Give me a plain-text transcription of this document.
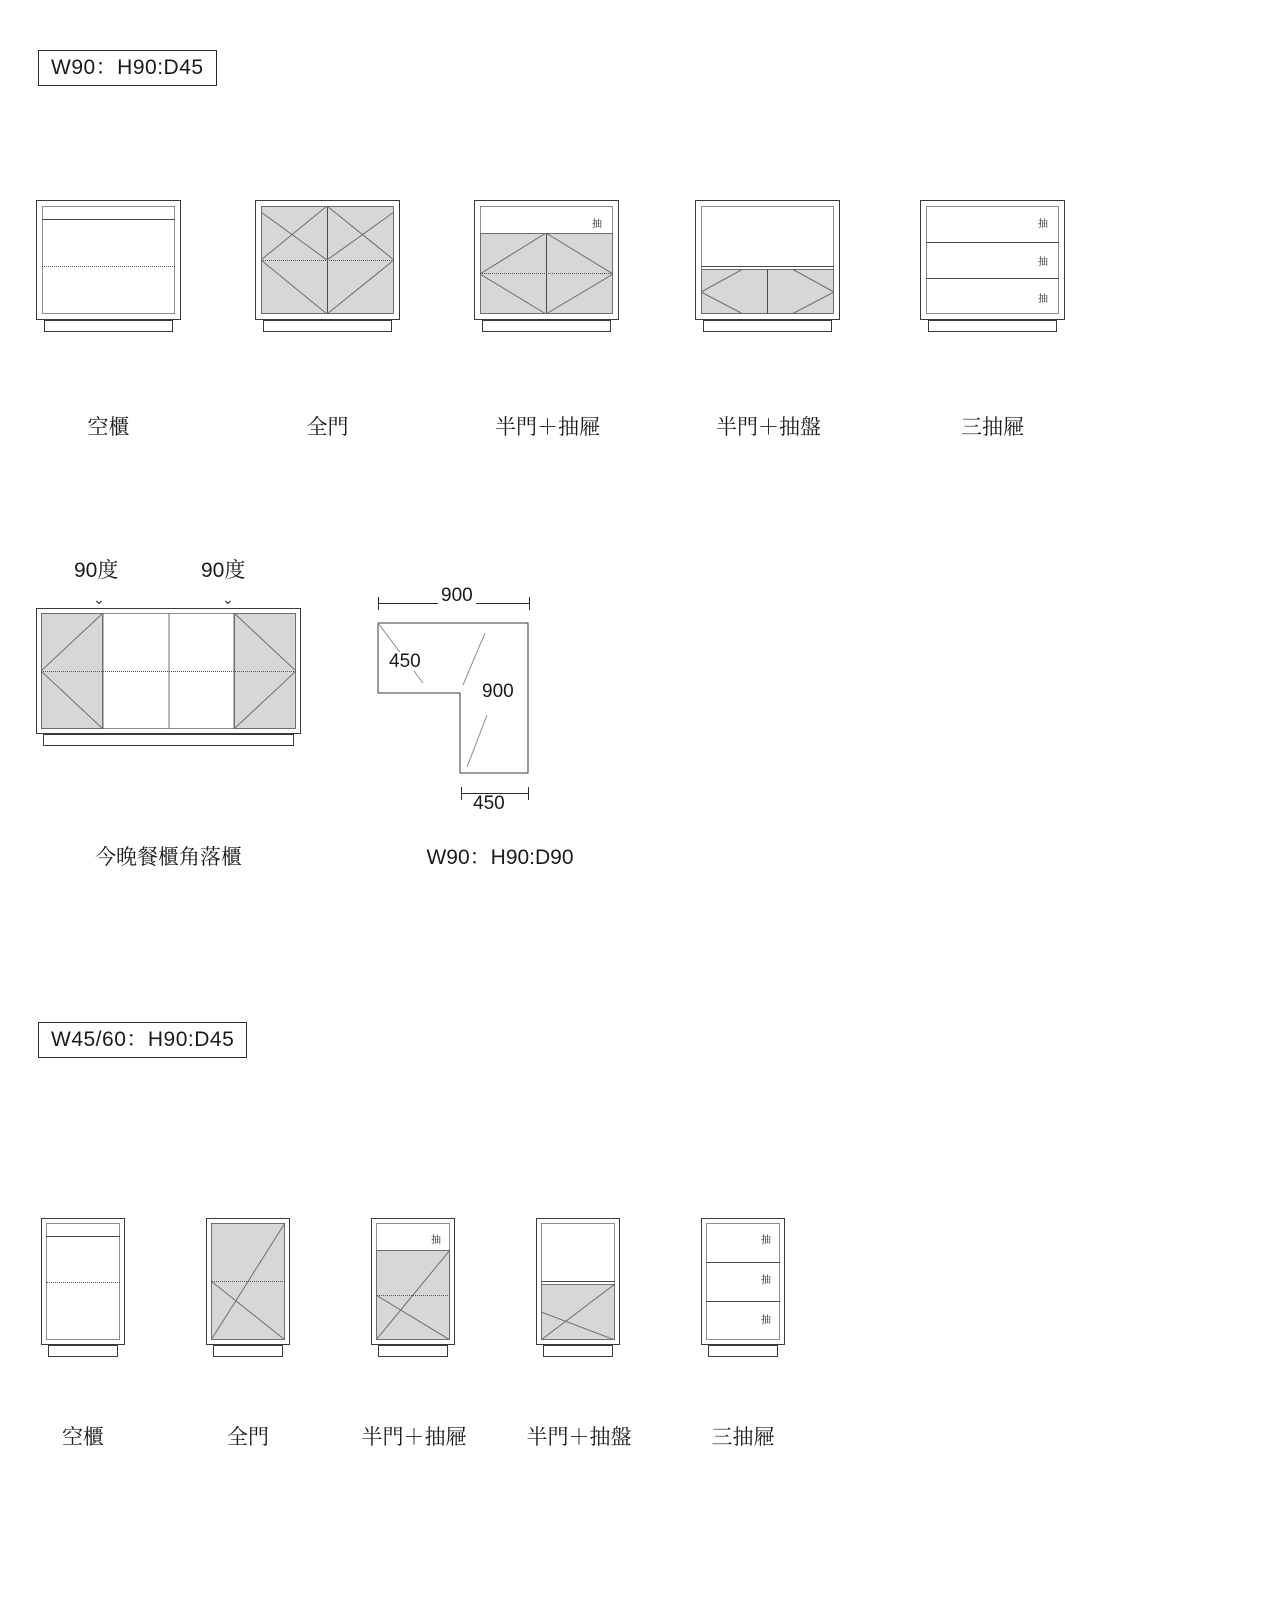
W90：H90:D45
空櫃	全門
抽
半門＋抽屜	半門＋抽盤
抽
抽
抽
三抽屜
90度
⌄
90度
⌄
今晚餐櫃角落櫃
900
450
900
450
W90：H90:D90
W45/60：H90:D45
空櫃	全門
抽
半門＋抽屜	半門＋抽盤
抽
抽
抽
三抽屜
